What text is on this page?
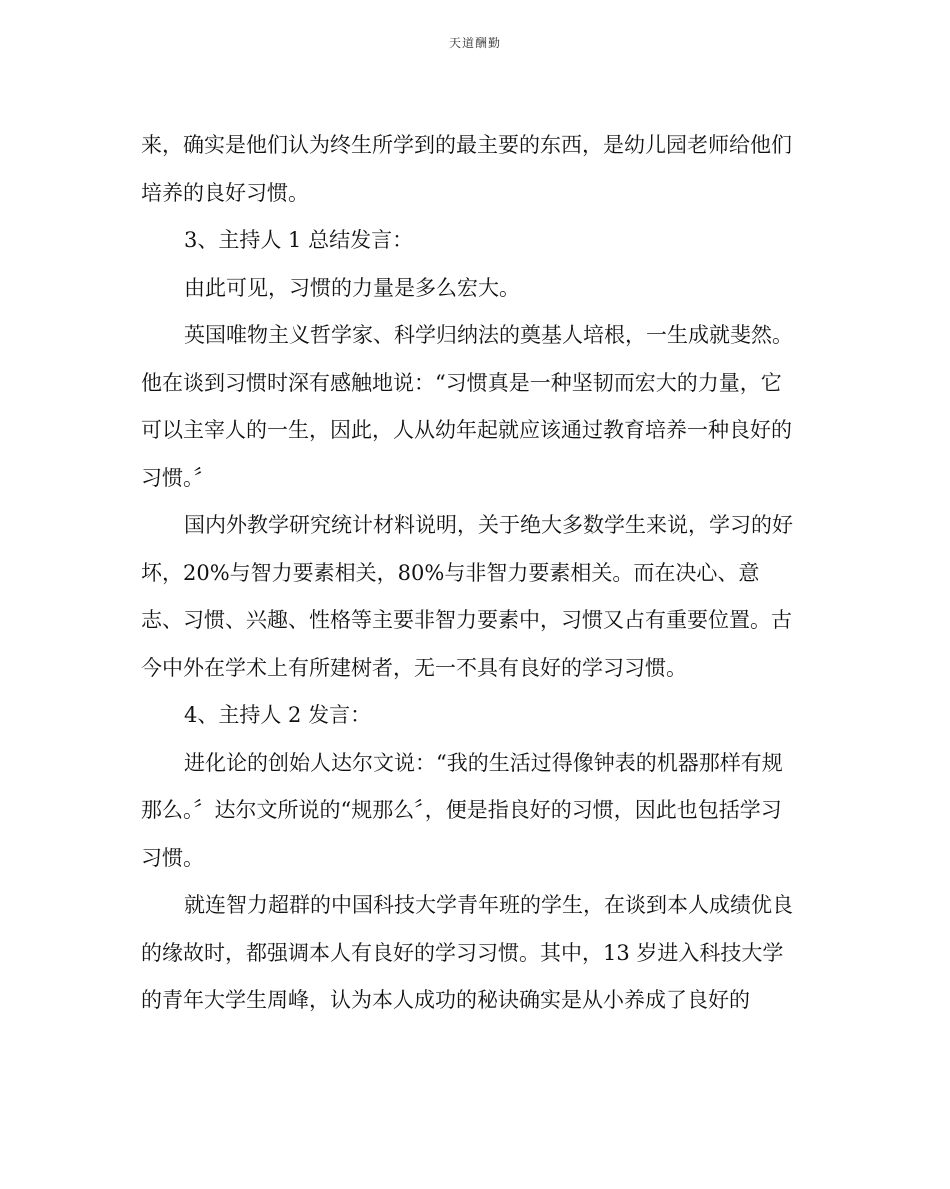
天道酬勤

来，确实是他们认为终生所学到的最主要的东西，是幼儿园老师给他们培养的良好习惯。

3、主持人 1 总结发言：

由此可见，习惯的力量是多么宏大。

英国唯物主义哲学家、科学归纳法的奠基人培根，一生成就斐然。他在谈到习惯时深有感触地说：“习惯真是一种坚韧而宏大的力量，它可以主宰人的一生，因此，人从幼年起就应该通过教育培养一种良好的习惯。〞

国内外教学研究统计材料说明，关于绝大多数学生来说，学习的好坏，20%与智力要素相关，80%与非智力要素相关。而在决心、意志、习惯、兴趣、性格等主要非智力要素中，习惯又占有重要位置。古今中外在学术上有所建树者，无一不具有良好的学习习惯。

4、主持人 2 发言：

进化论的创始人达尔文说：“我的生活过得像钟表的机器那样有规那么。〞达尔文所说的“规那么〞，便是指良好的习惯，因此也包括学习习惯。

就连智力超群的中国科技大学青年班的学生，在谈到本人成绩优良的缘故时，都强调本人有良好的学习习惯。其中，13 岁进入科技大学的青年大学生周峰，认为本人成功的秘诀确实是从小养成了良好的
